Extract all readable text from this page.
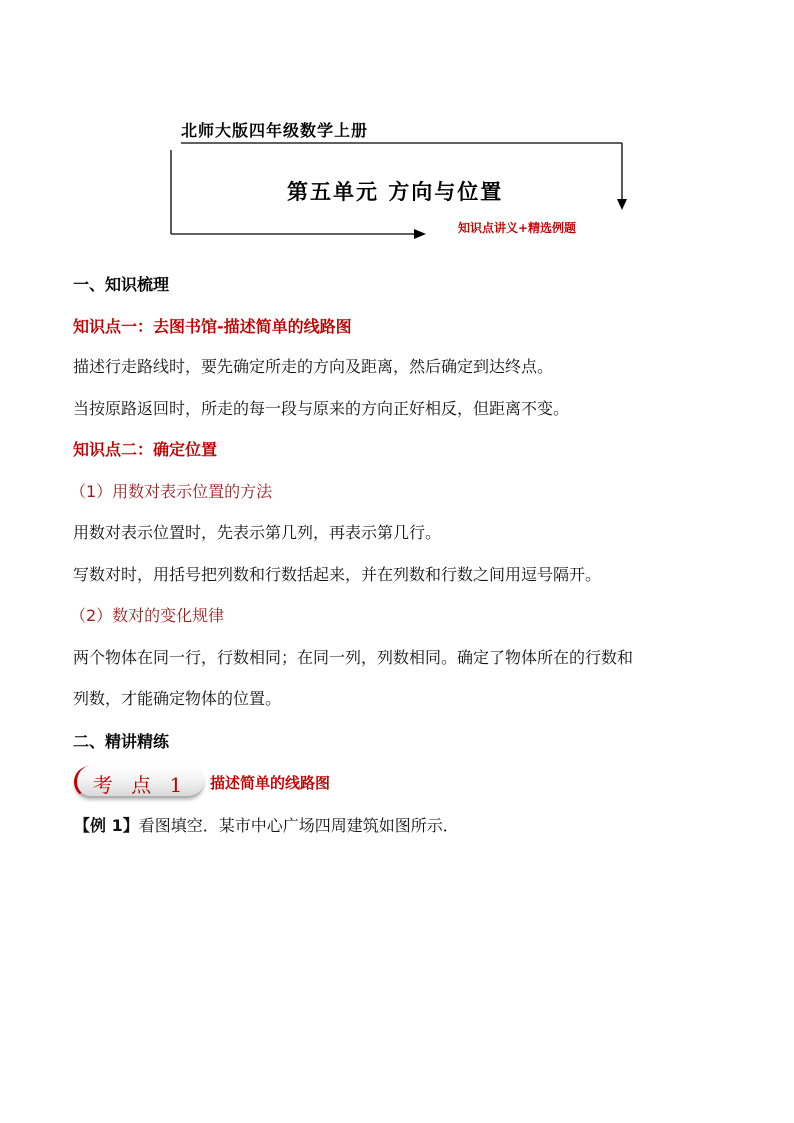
北师大版四年级数学上册
第五单元 方向与位置
知识点讲义+精选例题
一、知识梳理
知识点一：去图书馆-描述简单的线路图
描述行走路线时，要先确定所走的方向及距离，然后确定到达终点。
当按原路返回时，所走的每一段与原来的方向正好相反，但距离不变。
知识点二：确定位置
（1）用数对表示位置的方法
用数对表示位置时，先表示第几列，再表示第几行。
写数对时，用括号把列数和行数括起来，并在列数和行数之间用逗号隔开。
（2）数对的变化规律
两个物体在同一行，行数相同；在同一列，列数相同。确定了物体所在的行数和
列数，才能确定物体的位置。
二、精讲精练
考 点 1	描述简单的线路图
【例 1】看图填空．某市中心广场四周建筑如图所示．
